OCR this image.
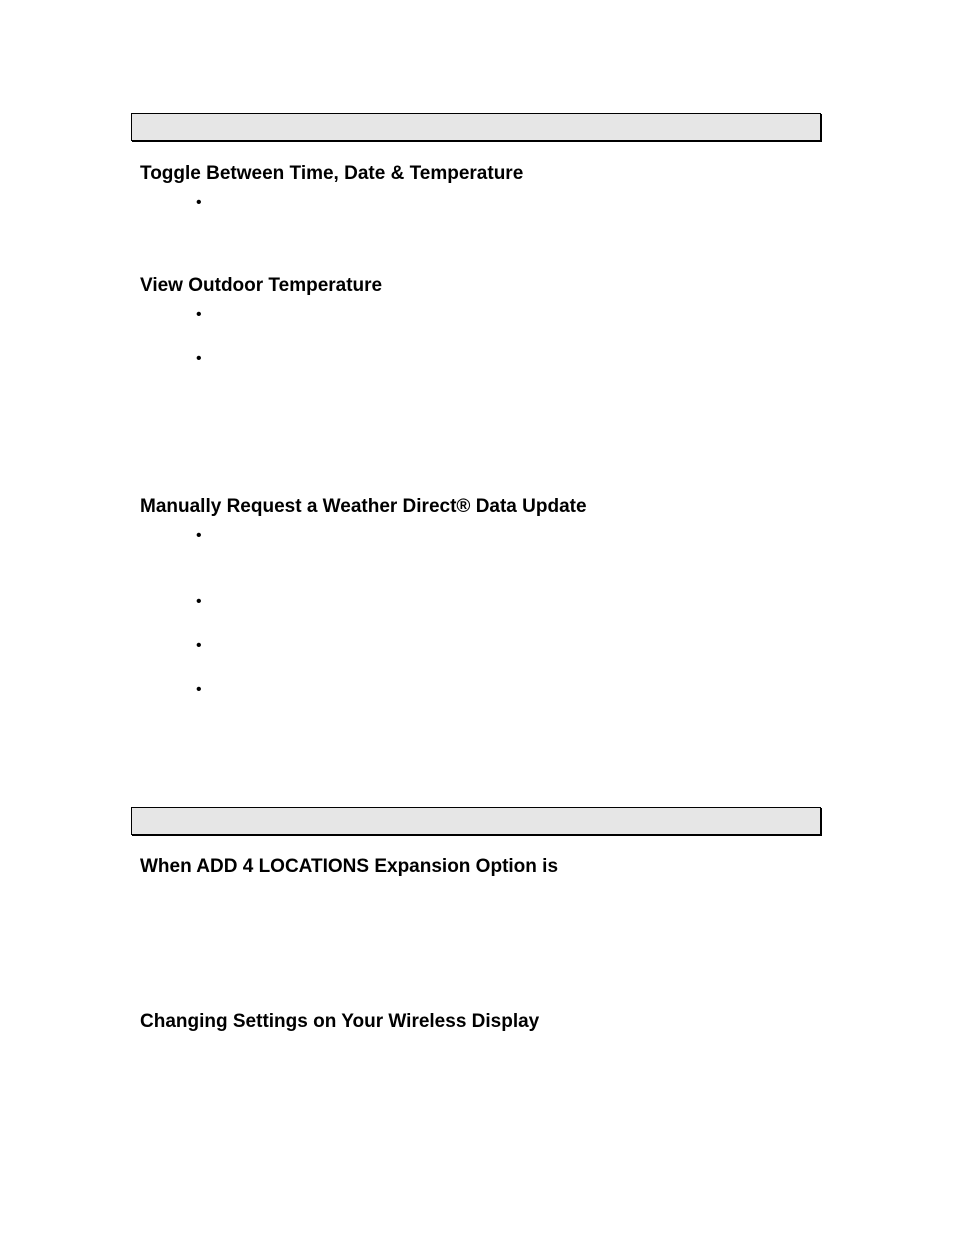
Toggle Between Time, Date & Temperature
•
View Outdoor Temperature
•
•
Manually Request a Weather Direct® Data Update
•
•
•
•
When ADD 4 LOCATIONS Expansion Option is
Changing Settings on Your Wireless Display
